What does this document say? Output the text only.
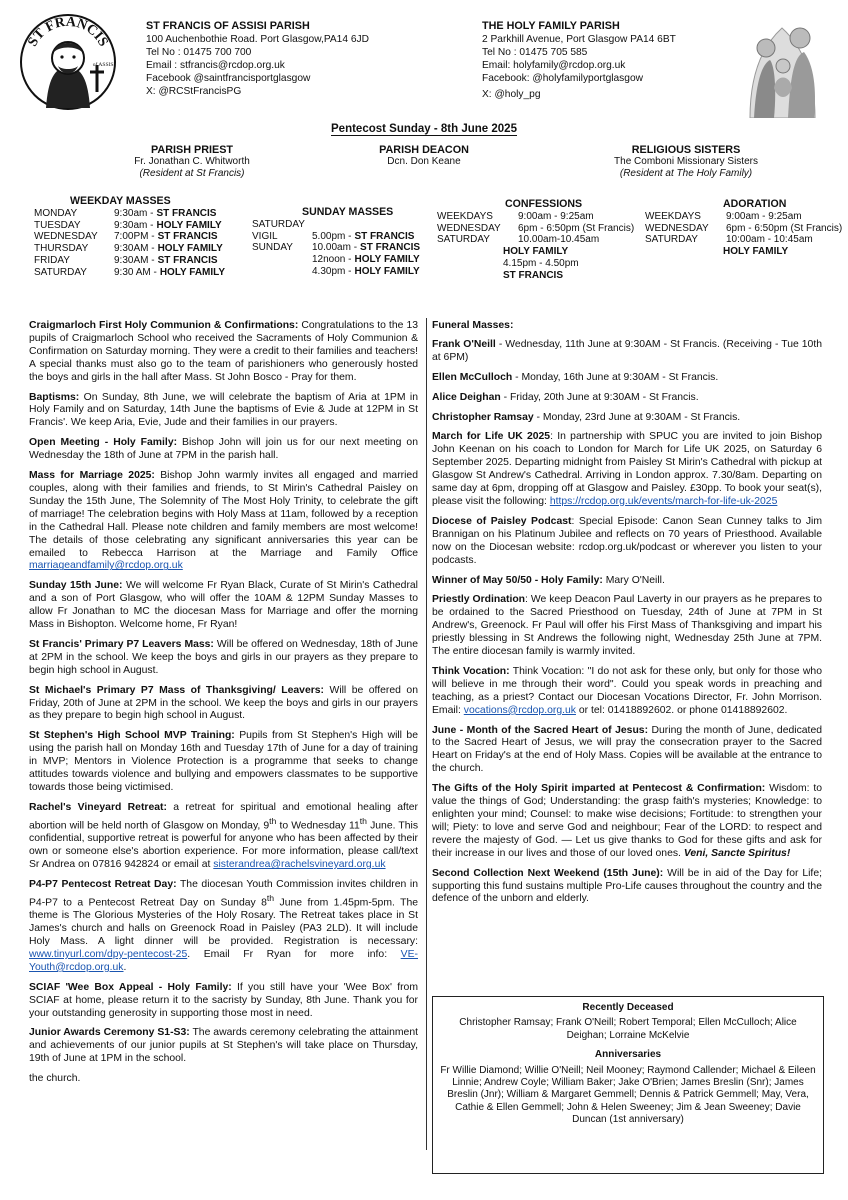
ST FRANCIS
of ASSISI
ST FRANCIS OF ASSISI PARISH
100 Auchenbothie Road. Port Glasgow,PA14 6JD
Tel No : 01475 700 700
Email : stfrancis@rcdop.org.uk
Facebook @saintfrancisportglasgow
X: @RCStFrancisPG
THE HOLY FAMILY PARISH
2 Parkhill Avenue, Port Glasgow PA14 6BT
Tel No : 01475 705 585
Email: holyfamily@rcdop.org.uk
Facebook: @holyfamilyportglasgow
X: @holy_pg
Pentecost Sunday - 8th June 2025
PARISH PRIEST
Fr. Jonathan C. Whitworth
(Resident at St Francis)
PARISH DEACON
Dcn. Don Keane
RELIGIOUS SISTERS
The Comboni Missionary Sisters
(Resident at The Holy Family)
WEEKDAY MASSES
MONDAY	9:30am - ST FRANCIS
TUESDAY	9:30am - HOLY FAMILY
WEDNESDAY	7:00PM - ST FRANCIS
THURSDAY	9:30AM - HOLY FAMILY
FRIDAY	9:30AM - ST FRANCIS
SATURDAY	9:30 AM - HOLY FAMILY
SUNDAY MASSES
SATURDAY
VIGIL	5.00pm - ST FRANCIS
SUNDAY	10.00am - ST FRANCIS
12noon - HOLY FAMILY
4.30pm - HOLY FAMILY
CONFESSIONS
WEEKDAYS	9:00am - 9:25am
WEDNESDAY	6pm - 6:50pm (St Francis)
SATURDAY	10.00am-10.45am
HOLY FAMILY
4.15pm - 4.50pm
ST FRANCIS
ADORATION
WEEKDAYS	9:00am - 9:25am
WEDNESDAY	6pm - 6:50pm (St Francis)
SATURDAY	10:00am - 10:45am
HOLY FAMILY

Craigmarloch First Holy Communion & Confirmations: Congratulations to the 13 pupils of Craigmarloch School who received the Sacraments of Holy Communion & Confirmation on Saturday morning. They were a credit to their families and teachers! A special thanks must also go to the team of parishioners who generously hosted the boys and girls in the hall after Mass. St John Bosco - Pray for them.

Baptisms: On Sunday, 8th June, we will celebrate the baptism of Aria at 1PM in Holy Family and on Saturday, 14th June the baptisms of Evie & Jude at 12PM in St Francis'. We keep Aria, Evie, Jude and their families in our prayers.

Open Meeting - Holy Family: Bishop John will join us for our next meeting on Wednesday the 18th of June at 7PM in the parish hall.

Mass for Marriage 2025: Bishop John warmly invites all engaged and married couples, along with their families and friends, to St Mirin's Cathedral Paisley on Sunday the 15th June, The Solemnity of The Most Holy Trinity, to celebrate the gift of marriage! The celebration begins with Holy Mass at 11am, followed by a reception in the Cathedral Hall. Please note children and family members are most welcome! The details of those celebrating any significant anniversaries this year can be emailed to Rebecca Harrison at the Marriage and Family Office marriageandfamily@rcdop.org.uk

Sunday 15th June: We will welcome Fr Ryan Black, Curate of St Mirin's Cathedral and a son of Port Glasgow, who will offer the 10AM & 12PM Sunday Masses to allow Fr Jonathan to MC the diocesan Mass for Marriage and offer the morning Mass in Bishopton. Welcome home, Fr Ryan!

St Francis' Primary P7 Leavers Mass: Will be offered on Wednesday, 18th of June at 2PM in the school. We keep the boys and girls in our prayers as they prepare to begin high school in August.

St Michael's Primary P7 Mass of Thanksgiving/ Leavers: Will be offered on Friday, 20th of June at 2PM in the school. We keep the boys and girls in our prayers as they prepare to begin high school in August.

St Stephen's High School MVP Training: Pupils from St Stephen's High will be using the parish hall on Monday 16th and Tuesday 17th of June for a day of training in MVP; Mentors in Violence Protection is a programme that seeks to change attitudes towards violence and bullying and empowers classmates to be supportive towards those being victimised.

Rachel's Vineyard Retreat: a retreat for spiritual and emotional healing after abortion will be held north of Glasgow on Monday, 9th to Wednesday 11th June. This confidential, supportive retreat is powerful for anyone who has been affected by their own or someone else's abortion experience. For more information, please call/text Sr Andrea on 07816 942824 or email at sisterandrea@rachelsvineyard.org.uk

P4-P7 Pentecost Retreat Day: The diocesan Youth Commission invites children in P4-P7 to a Pentecost Retreat Day on Sunday 8th June from 1.45pm-5pm. The theme is The Glorious Mysteries of the Holy Rosary. The Retreat takes place in St James's church and halls on Greenock Road in Paisley (PA3 2LD). It will include Holy Mass. A light dinner will be provided. Registration is necessary: www.tinyurl.com/dpy-pentecost-25. Email Fr Ryan for more info: VE-Youth@rcdop.org.uk.

SCIAF 'Wee Box Appeal - Holy Family: If you still have your 'Wee Box' from SCIAF at home, please return it to the sacristy by Sunday, 8th June. Thank you for your outstanding generosity in supporting those most in need.

Junior Awards Ceremony S1-S3: The awards ceremony celebrating the attainment and achievements of our junior pupils at St Stephen's will take place on Thursday, 19th of June at 1PM in the school.

the church.

Funeral Masses:

Frank O'Neill - Wednesday, 11th June at 9:30AM - St Francis. (Receiving - Tue 10th at 6PM)

Ellen McCulloch - Monday, 16th June at 9:30AM - St Francis.

Alice Deighan - Friday, 20th June at 9:30AM - St Francis.

Christopher Ramsay - Monday, 23rd June at 9:30AM - St Francis.

March for Life UK 2025: In partnership with SPUC you are invited to join Bishop John Keenan on his coach to London for March for Life UK 2025, on Saturday 6 September 2025. Departing midnight from Paisley St Mirin's Cathedral with pickup at Glasgow St Andrew's Cathedral. Arriving in London approx. 7.30/8am. Departing on same day at 6pm, dropping off at Glasgow and Paisley. £30pp. To book your seat(s), please visit the following: https://rcdop.org.uk/events/march-for-life-uk-2025

Diocese of Paisley Podcast: Special Episode: Canon Sean Cunney talks to Jim Brannigan on his Platinum Jubilee and reflects on 70 years of Priesthood. Available now on the Diocesan website: rcdop.org.uk/podcast or wherever you listen to your podcasts.

Winner of May 50/50 - Holy Family: Mary O'Neill.

Priestly Ordination: We keep Deacon Paul Laverty in our prayers as he prepares to be ordained to the Sacred Priesthood on Tuesday, 24th of June at 7PM in St Andrew's, Greenock. Fr Paul will offer his First Mass of Thanksgiving and impart his priestly blessing in St Andrews the following night, Wednesday 25th June at 7PM. The entire diocesan family is warmly invited.

Think Vocation: Think Vocation: "I do not ask for these only, but only for those who will believe in me through their word". Could you speak words in preaching and teaching, as a priest? Contact our Diocesan Vocations Director, Fr. John Morrison. Email: vocations@rcdop.org.uk or tel: 01418892602. or phone 01418892602.

June - Month of the Sacred Heart of Jesus: During the month of June, dedicated to the Sacred Heart of Jesus, we will pray the consecration prayer to the Sacred Heart on Friday's at the end of Holy Mass. Copies will be available at the entrance to the church.

The Gifts of the Holy Spirit imparted at Pentecost & Confirmation: Wisdom: to value the things of God; Understanding: the grasp faith's mysteries; Knowledge: to enlighten your mind; Counsel: to make wise decisions; Fortitude: to strengthen your will; Piety: to love and serve God and neighbour; Fear of the LORD: to respect and revere the majesty of God. — Let us give thanks to God for these gifts and ask for their increase in our lives and those of our loved ones. Veni, Sancte Spiritus!

Second Collection Next Weekend (15th June): Will be in aid of the Day for Life; supporting this fund sustains multiple Pro-Life causes throughout the country and the defence of the unborn and elderly.

Recently Deceased
Christopher Ramsay; Frank O'Neill; Robert Temporal; Ellen McCulloch; Alice Deighan; Lorraine McKelvie
Anniversaries
Fr Willie Diamond; Willie O'Neill; Neil Mooney; Raymond Callender; Michael & Eileen Linnie; Andrew Coyle; William Baker; Jake O'Brien; James Breslin (Snr); James Breslin (Jnr); William & Margaret Gemmell; Dennis & Patrick Gemmell; May, Vera, Cathie & Ellen Gemmell; John & Helen Sweeney; Jim & Jean Sweeney; Davie Duncan (1st anniversary)
